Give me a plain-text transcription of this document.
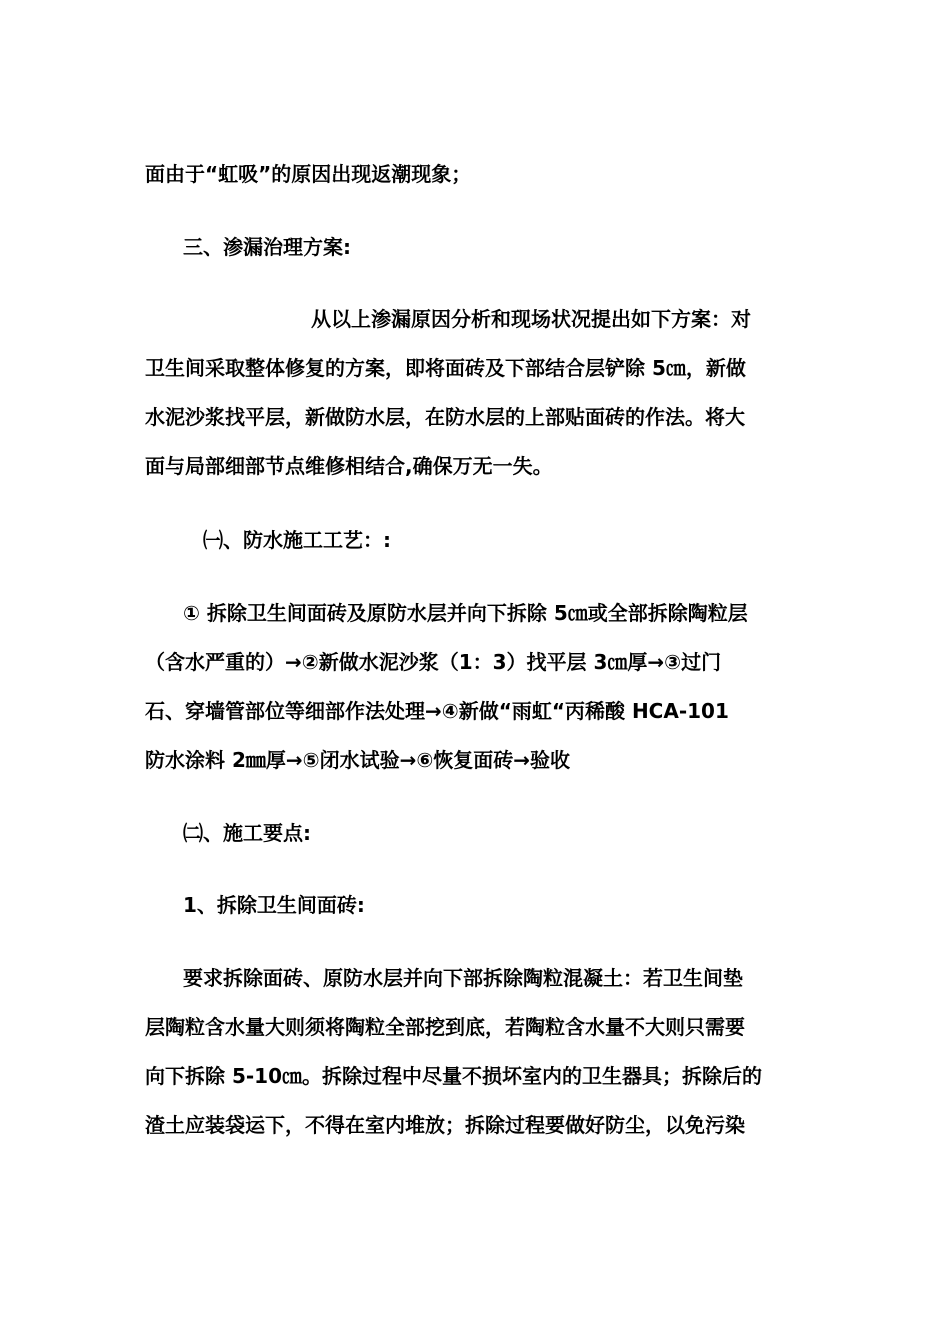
面由于“虹吸”的原因出现返潮现象；
三、渗漏治理方案:
从以上渗漏原因分析和现场状况提出如下方案：对
卫生间采取整体修复的方案，即将面砖及下部结合层铲除 5㎝，新做
水泥沙浆找平层，新做防水层，在防水层的上部贴面砖的作法。将大
面与局部细部节点维修相结合,确保万无一失。
㈠、防水施工工艺：:
① 拆除卫生间面砖及原防水层并向下拆除 5㎝或全部拆除陶粒层
（含水严重的）→②新做水泥沙浆（1：3）找平层 3㎝厚→③过门
石、穿墙管部位等细部作法处理→④新做“雨虹“丙稀酸 HCA-101
防水涂料 2㎜厚→⑤闭水试验→⑥恢复面砖→验收
㈡、施工要点:
1、拆除卫生间面砖:
要求拆除面砖、原防水层并向下部拆除陶粒混凝土：若卫生间垫
层陶粒含水量大则须将陶粒全部挖到底，若陶粒含水量不大则只需要
向下拆除 5-10㎝。拆除过程中尽量不损坏室内的卫生器具；拆除后的
渣土应装袋运下，不得在室内堆放；拆除过程要做好防尘，以免污染
